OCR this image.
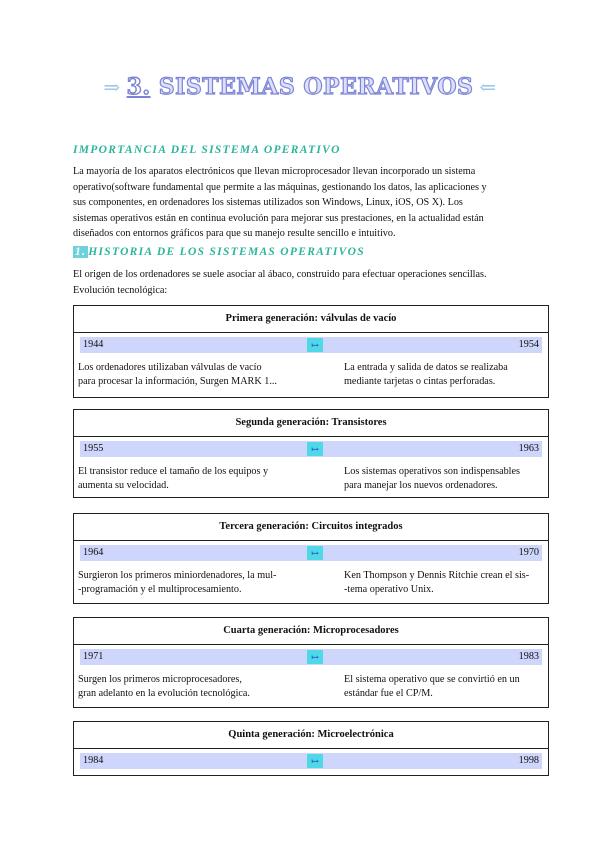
⇒ 3. SISTEMAS OPERATIVOS ⇐
IMPORTANCIA DEL SISTEMA OPERATIVO
La mayoría de los aparatos electrónicos que llevan microprocesador llevan incorporado un sistema
operativo(software fundamental que permite a las máquinas, gestionando los datos, las aplicaciones y
sus componentes, en ordenadores los sistemas utilizados son Windows, Linux, iOS, OS X). Los
sistemas operativos están en continua evolución para mejorar sus prestaciones, en la actualidad están
diseñados con entornos gráficos para que su manejo resulte sencillo e intuitivo.
1. HISTORIA DE LOS SISTEMAS OPERATIVOS
El origen de los ordenadores se suele asociar al ábaco, construido para efectuar operaciones sencillas.
Evolución tecnológica:
Primera generación: válvulas de vacío
1944	↦	1954
Los ordenadores utilizaban válvulas de vacío
para procesar la información, Surgen MARK 1...
La entrada y salida de datos se realizaba
mediante tarjetas o cintas perforadas.
Segunda generación: Transistores
1955	↦	1963
El transistor reduce el tamaño de los equipos y
aumenta su velocidad.
Los sistemas operativos son indispensables
para manejar los nuevos ordenadores.
Tercera generación: Circuitos integrados
1964	↦	1970
Surgieron los primeros miniordenadores, la mul-
-programación y el multiprocesamiento.
Ken Thompson y Dennis Ritchie crean el sis-
-tema operativo Unix.
Cuarta generación: Microprocesadores
1971	↦	1983
Surgen los primeros microprocesadores,
gran adelanto en la evolución tecnológica.
El sistema operativo que se convirtió en un
estándar fue el CP/M.
Quinta generación: Microelectrónica
1984	↦	1998
